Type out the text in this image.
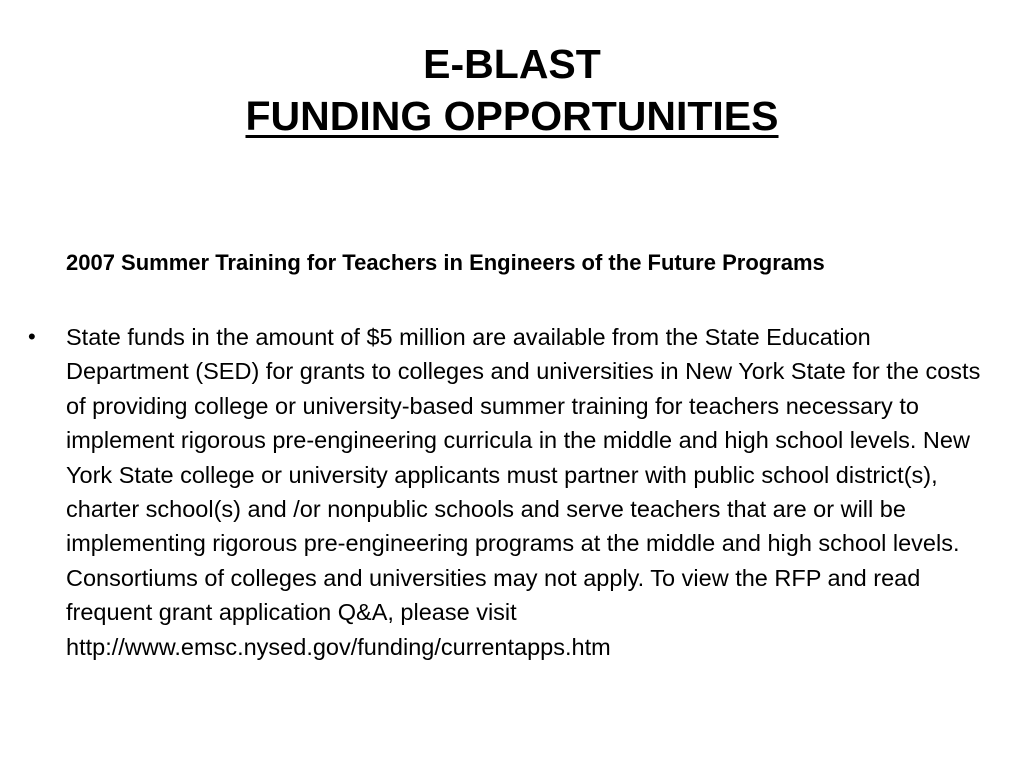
E-BLAST
FUNDING OPPORTUNITIES
2007 Summer Training for Teachers in Engineers of the Future Programs
• State funds in the amount of $5 million are available from the State Education Department (SED) for grants to colleges and universities in New York State for the costs of providing college or university-based summer training for teachers necessary to implement rigorous pre-engineering curricula in the middle and high school levels. New York State college or university applicants must partner with public school district(s), charter school(s) and /or nonpublic schools and serve teachers that are or will be implementing rigorous pre-engineering programs at the middle and high school levels. Consortiums of colleges and universities may not apply. To view the RFP and read frequent grant application Q&A, please visit http://www.emsc.nysed.gov/funding/currentapps.htm
